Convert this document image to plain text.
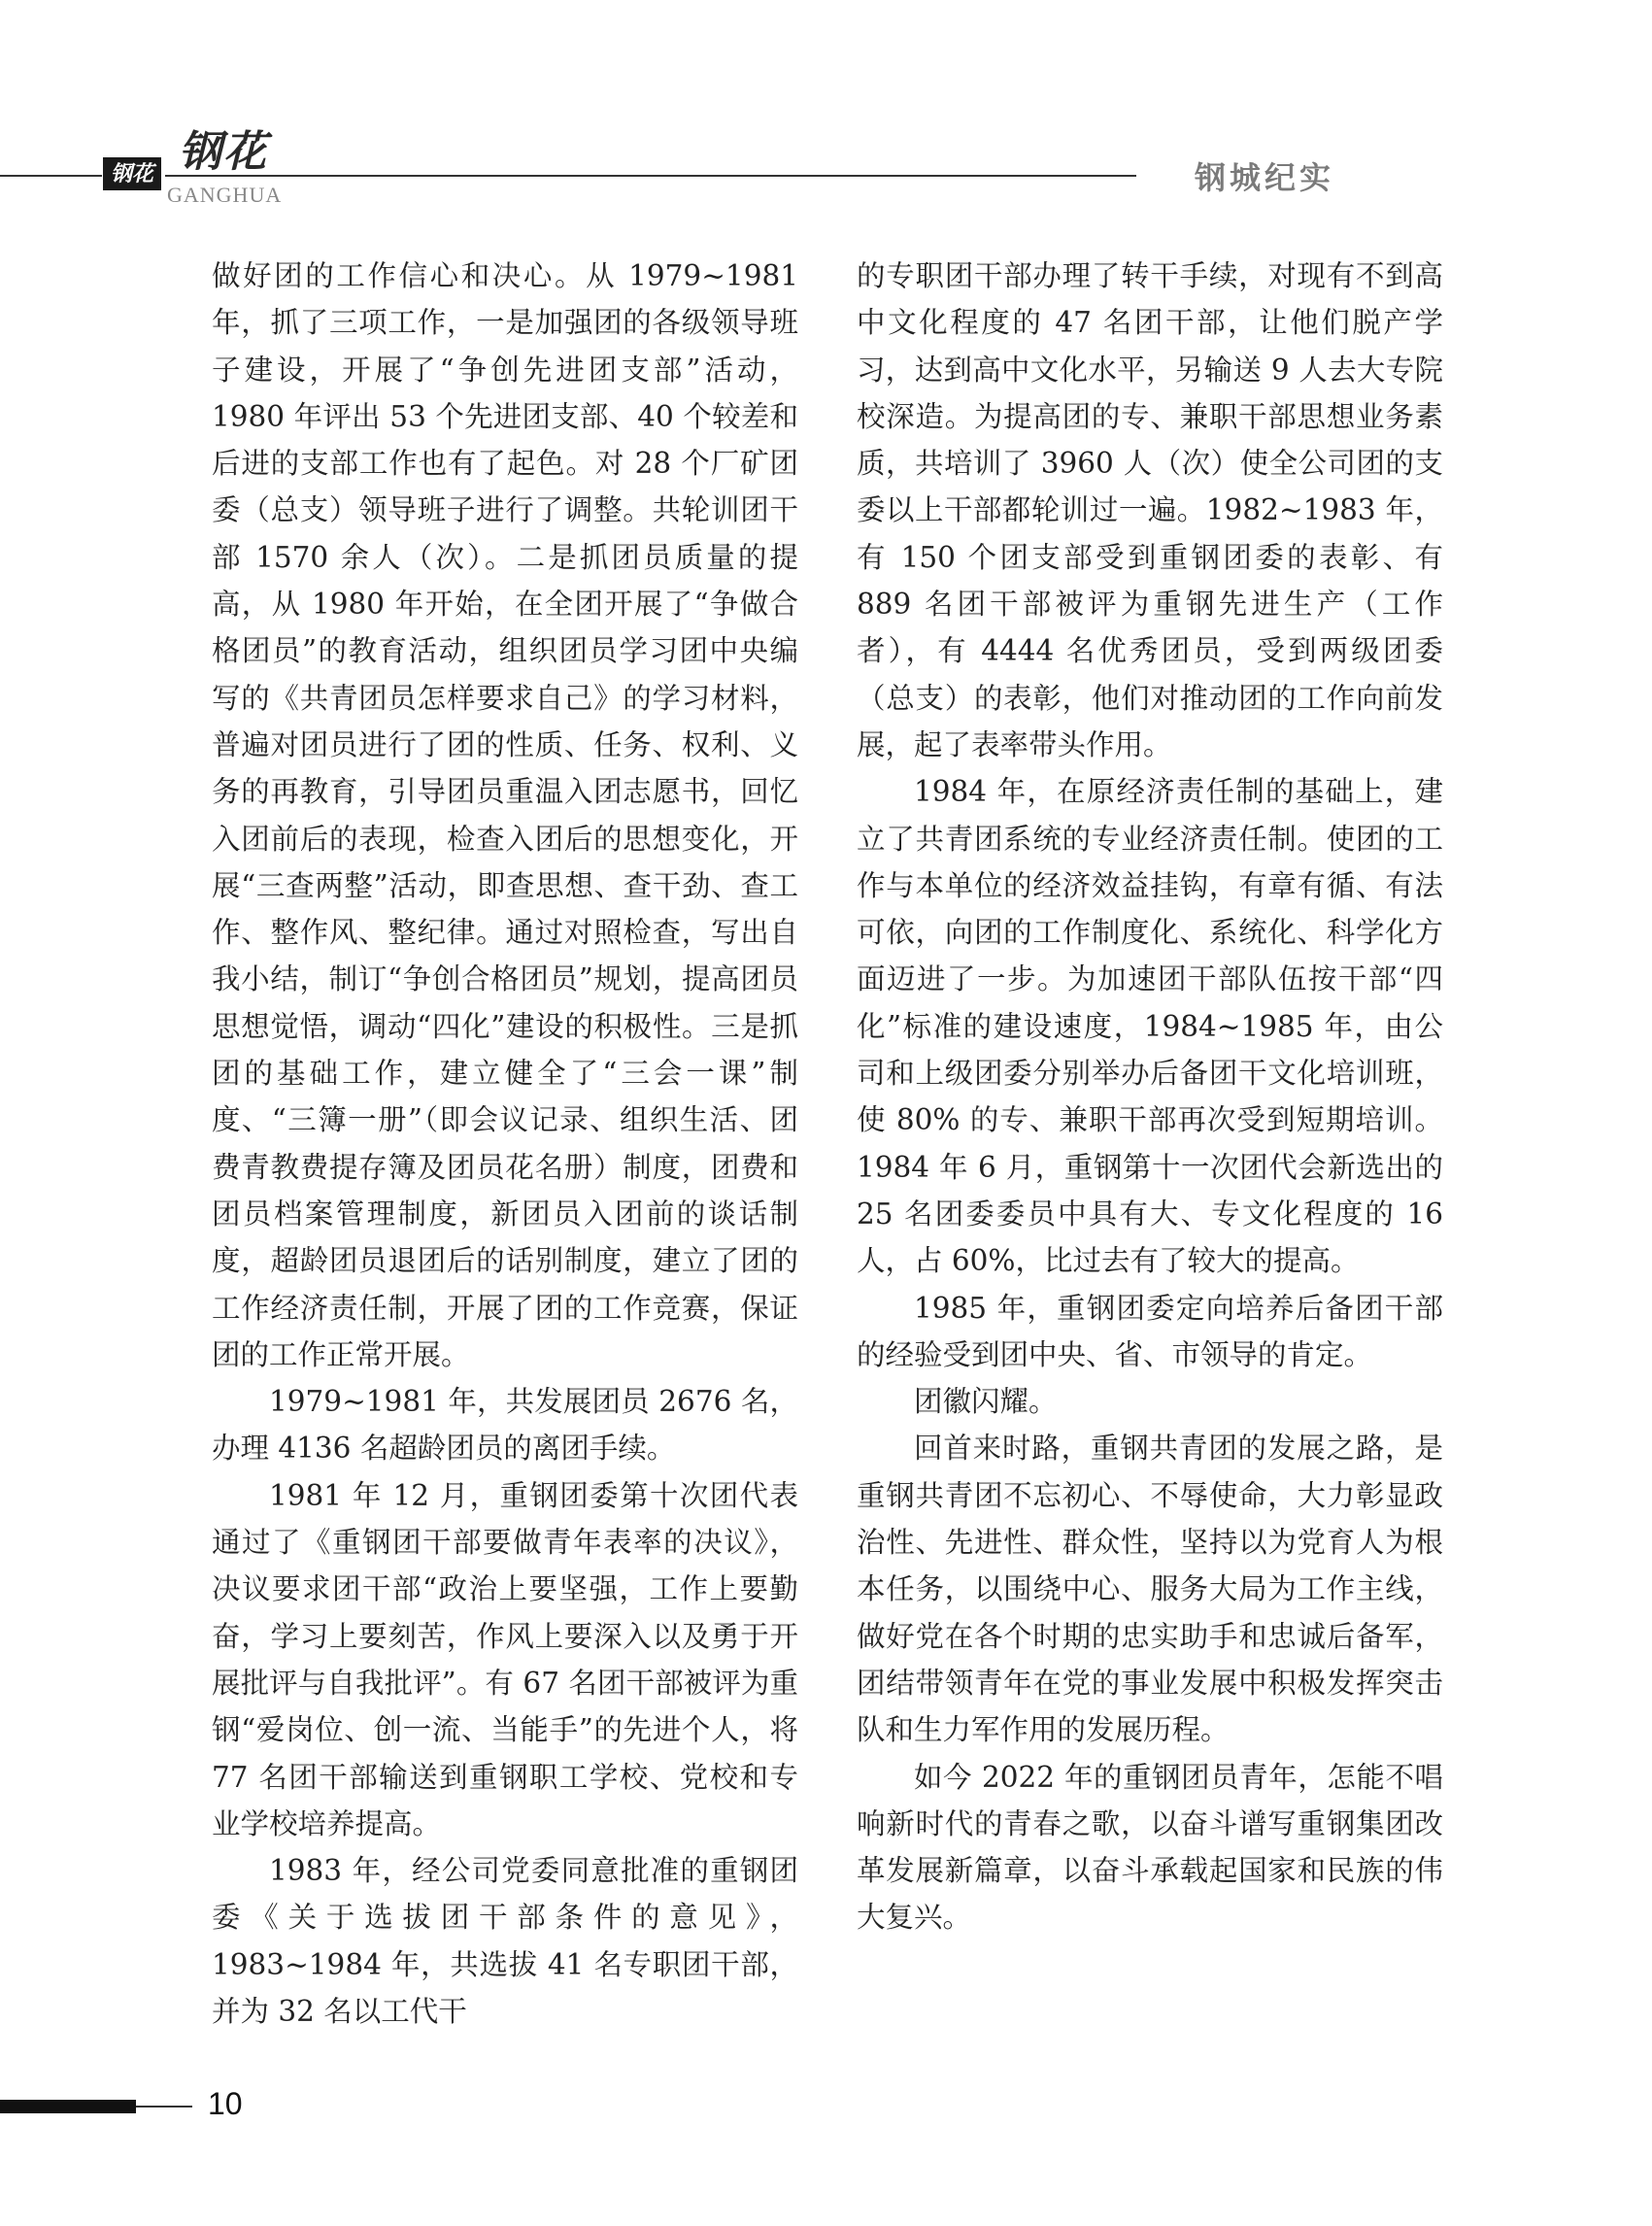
钢花 钢花
GANGHUA	钢城纪实

做好团的工作信心和决心。从 1979~1981 年，抓了三项工作，一是加强团的各级领导班子建设，开展了“争创先进团支部”活动，1980 年评出 53 个先进团支部、40 个较差和后进的支部工作也有了起色。对 28 个厂矿团委（总支）领导班子进行了调整。共轮训团干部 1570 余人（次）。二是抓团员质量的提高，从 1980 年开始，在全团开展了“争做合格团员”的教育活动，组织团员学习团中央编写的《共青团员怎样要求自己》的学习材料，普遍对团员进行了团的性质、任务、权利、义务的再教育，引导团员重温入团志愿书，回忆入团前后的表现，检查入团后的思想变化，开展“三查两整”活动，即查思想、查干劲、查工作、整作风、整纪律。通过对照检查，写出自我小结，制订“争创合格团员”规划，提高团员思想觉悟，调动“四化”建设的积极性。三是抓团的基础工作，建立健全了“三会一课”制度、“三簿一册”（即会议记录、组织生活、团费青教费提存簿及团员花名册）制度，团费和团员档案管理制度，新团员入团前的谈话制度，超龄团员退团后的话别制度，建立了团的工作经济责任制，开展了团的工作竞赛，保证团的工作正常开展。

1979~1981 年，共发展团员 2676 名，办理 4136 名超龄团员的离团手续。

1981 年 12 月，重钢团委第十次团代表通过了《重钢团干部要做青年表率的决议》，决议要求团干部“政治上要坚强，工作上要勤奋，学习上要刻苦，作风上要深入以及勇于开展批评与自我批评”。有 67 名团干部被评为重钢“爱岗位、创一流、当能手”的先进个人，将 77 名团干部输送到重钢职工学校、党校和专业学校培养提高。

1983 年，经公司党委同意批准的重钢团委《关于选拔团干部条件的意见》，1983~1984 年，共选拔 41 名专职团干部，并为 32 名以工代干

的专职团干部办理了转干手续，对现有不到高中文化程度的 47 名团干部，让他们脱产学习，达到高中文化水平，另输送 9 人去大专院校深造。为提高团的专、兼职干部思想业务素质，共培训了 3960 人（次）使全公司团的支委以上干部都轮训过一遍。1982~1983 年，有 150 个团支部受到重钢团委的表彰、有 889 名团干部被评为重钢先进生产（工作者），有 4444 名优秀团员，受到两级团委（总支）的表彰，他们对推动团的工作向前发展，起了表率带头作用。

1984 年，在原经济责任制的基础上，建立了共青团系统的专业经济责任制。使团的工作与本单位的经济效益挂钩，有章有循、有法可依，向团的工作制度化、系统化、科学化方面迈进了一步。为加速团干部队伍按干部“四化”标准的建设速度，1984~1985 年，由公司和上级团委分别举办后备团干文化培训班，使 80% 的专、兼职干部再次受到短期培训。1984 年 6 月，重钢第十一次团代会新选出的 25 名团委委员中具有大、专文化程度的 16 人，占 60%，比过去有了较大的提高。

1985 年，重钢团委定向培养后备团干部的经验受到团中央、省、市领导的肯定。

团徽闪耀。

回首来时路，重钢共青团的发展之路，是重钢共青团不忘初心、不辱使命，大力彰显政治性、先进性、群众性，坚持以为党育人为根本任务，以围绕中心、服务大局为工作主线，做好党在各个时期的忠实助手和忠诚后备军，团结带领青年在党的事业发展中积极发挥突击队和生力军作用的发展历程。

如今 2022 年的重钢团员青年，怎能不唱响新时代的青春之歌，以奋斗谱写重钢集团改革发展新篇章，以奋斗承载起国家和民族的伟大复兴。

10
